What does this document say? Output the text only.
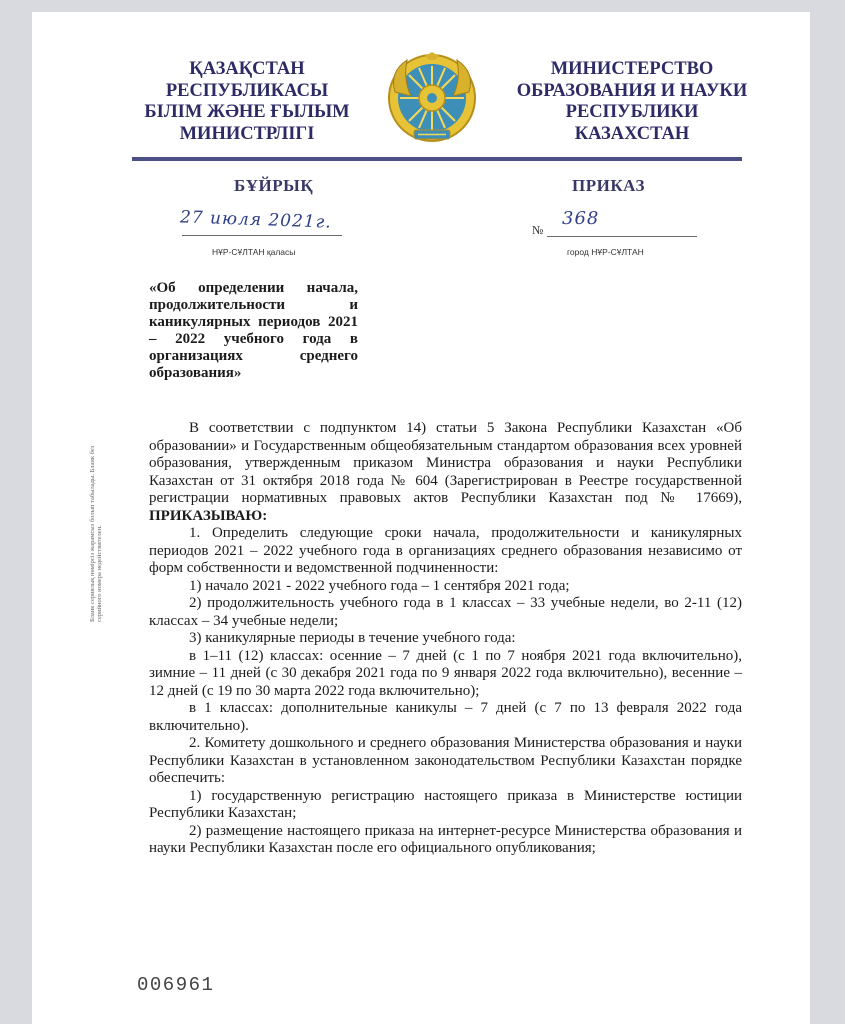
ҚАЗАҚСТАН
РЕСПУБЛИКАСЫ
БІЛІМ ЖӘНЕ ҒЫЛЫМ
МИНИСТРЛІГІ
МИНИСТЕРСТВО
ОБРАЗОВАНИЯ И НАУКИ
РЕСПУБЛИКИ
КАЗАХСТАН
БҰЙРЫҚ	ПРИКАЗ
27 июля 2021г.	№
368
НҰР-СҰЛТАН қаласы	город НҰР-СҰЛТАН
«Об определении начала, продолжительности и каникулярных периодов 2021 – 2022 учебного года в организациях среднего образования»
Бланк сериялық нөмірсіз жарамсыз болып табылады. Бланк без серийного номера недействителен.

В соответствии с подпунктом 14) статьи 5 Закона Республики Казахстан «Об образовании» и Государственным общеобязательным стандартом образования всех уровней образования, утвержденным приказом Министра образования и науки Республики Казахстан от 31 октября 2018 года № 604 (Зарегистрирован в Реестре государственной регистрации нормативных правовых актов Республики Казахстан под № 17669), ПРИКАЗЫВАЮ:

1. Определить следующие сроки начала, продолжительности и каникулярных периодов 2021 – 2022 учебного года в организациях среднего образования независимо от форм собственности и ведомственной подчиненности:

1) начало 2021 - 2022 учебного года – 1 сентября 2021 года;

2) продолжительность учебного года в 1 классах – 33 учебные недели, во 2-11 (12) классах – 34 учебные недели;

3) каникулярные периоды в течение учебного года:

в 1–11 (12) классах: осенние – 7 дней (с 1 по 7 ноября 2021 года включительно), зимние – 11 дней (с 30 декабря 2021 года по 9 января 2022 года включительно), весенние – 12 дней (с 19 по 30 марта 2022 года включительно);

в 1 классах: дополнительные каникулы – 7 дней (с 7 по 13 февраля 2022 года включительно).

2. Комитету дошкольного и среднего образования Министерства образования и науки Республики Казахстан в установленном законодательством Республики Казахстан порядке обеспечить:

1) государственную регистрацию настоящего приказа в Министерстве юстиции Республики Казахстан;

2) размещение настоящего приказа на интернет-ресурсе Министерства образования и науки Республики Казахстан после его официального опубликования;

006961
